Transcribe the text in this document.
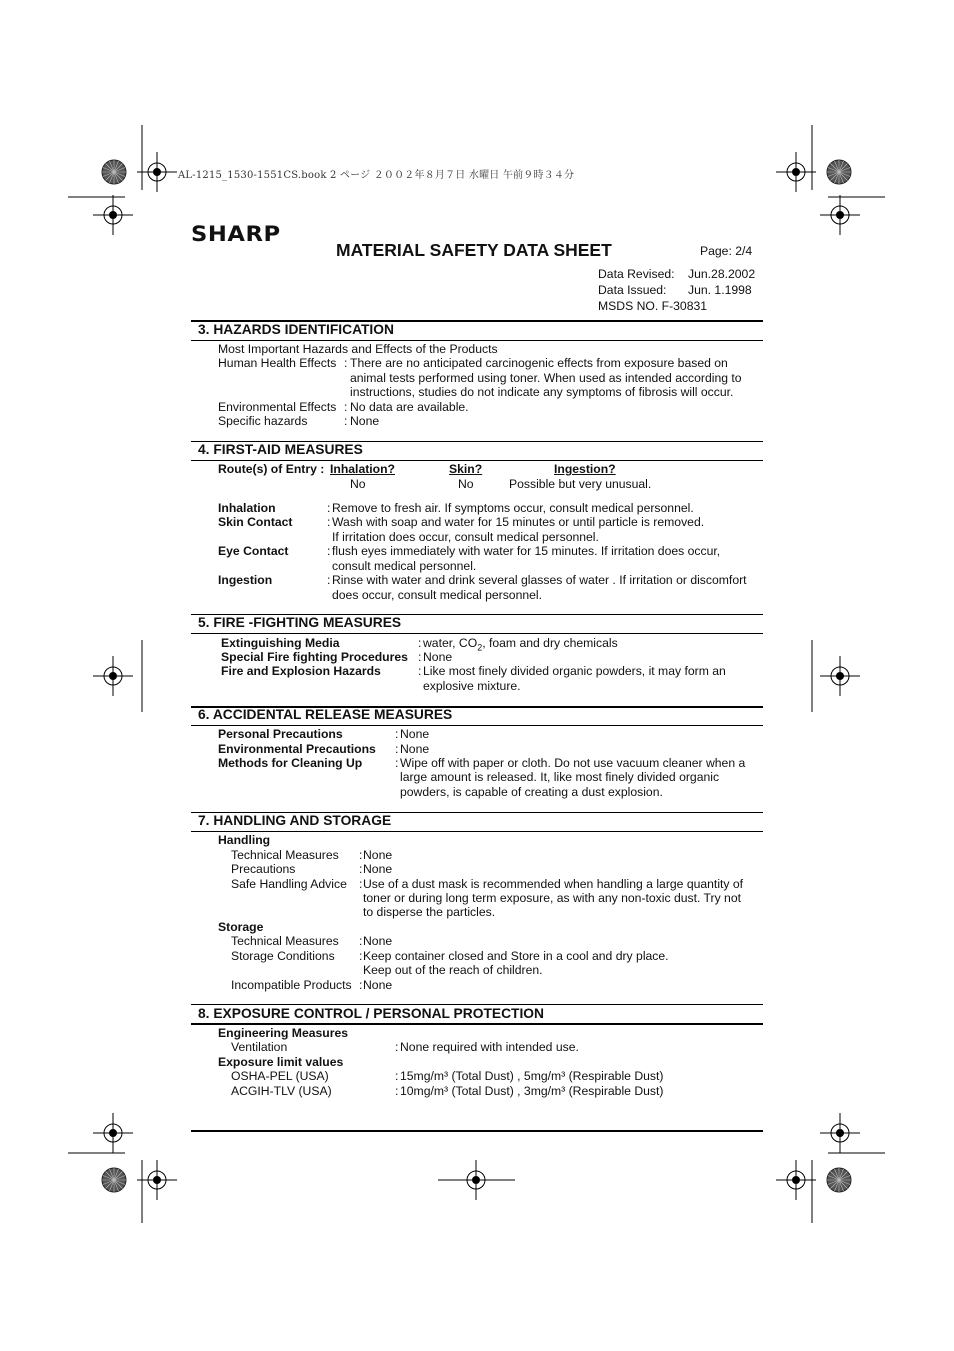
AL-1215_1530-1551CS.book 2 ページ ２００２年８月７日 水曜日 午前９時３４分
SHARP
MATERIAL SAFETY DATA SHEET	Page: 2/4
Data Revised: Jun.28.2002
Data Issued: Jun. 1.1998
MSDS NO. F-30831
3. HAZARDS IDENTIFICATION
Most Important Hazards and Effects of the Products
Human Health Effects : There are no anticipated carcinogenic effects from exposure based on
animal tests performed using toner. When used as intended according to
instructions, studies do not indicate any symptoms of fibrosis will occur.
Environmental Effects : No data are available.
Specific hazards	: None
4. FIRST-AID MEASURES
Route(s) of Entry : Inhalation?	Skin?	Ingestion?
No	No	Possible but very unusual.
Inhalation	: Remove to fresh air. If symptoms occur, consult medical personnel.
Skin Contact	: Wash with soap and water for 15 minutes or until particle is removed.
If irritation does occur, consult medical personnel.
Eye Contact	: flush eyes immediately with water for 15 minutes. If irritation does occur,
consult medical personnel.
Ingestion	: Rinse with water and drink several glasses of water . If irritation or discomfort
does occur, consult medical personnel.
5. FIRE -FIGHTING MEASURES
Extinguishing Media	: water, $CO_2$, foam and dry chemicals
Special Fire fighting Procedures : None
Fire and Explosion Hazards	: Like most finely divided organic powders, it may form an
explosive mixture.
6. ACCIDENTAL RELEASE MEASURES
Personal Precautions	: None
Environmental Precautions : None
Methods for Cleaning Up	: Wipe off with paper or cloth. Do not use vacuum cleaner when a
large amount is released. It, like most finely divided organic
powders, is capable of creating a dust explosion.
7. HANDLING AND STORAGE
Handling
Technical Measures : None
Precautions	: None
Safe Handling Advice : Use of a dust mask is recommended when handling a large quantity of
toner or during long term exposure, as with any non-toxic dust. Try not
to disperse the particles.
Storage
Technical Measures : None
Storage Conditions : Keep container closed and Store in a cool and dry place.
Keep out of the reach of children.
Incompatible Products : None
8. EXPOSURE CONTROL / PERSONAL PROTECTION
Engineering Measures
Ventilation	: None required with intended use.
Exposure limit values
OSHA-PEL (USA)	: 15mg/m³ (Total Dust) , 5mg/m³ (Respirable Dust)
ACGIH-TLV (USA)	: 10mg/m³ (Total Dust) , 3mg/m³ (Respirable Dust)
